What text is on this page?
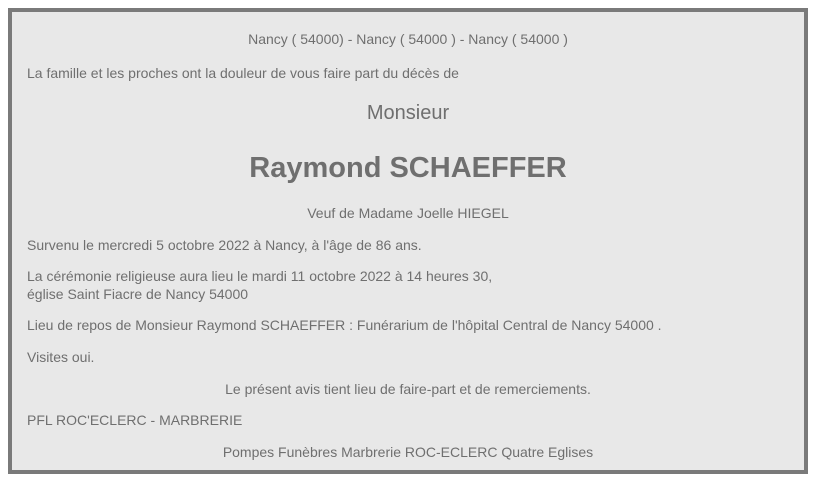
Nancy ( 54000) - Nancy ( 54000 ) - Nancy ( 54000 )
La famille et les proches ont la douleur de vous faire part du décès de
Monsieur
Raymond SCHAEFFER
Veuf de Madame Joelle HIEGEL
Survenu le mercredi 5 octobre 2022 à Nancy, à l'âge de 86 ans.
La cérémonie religieuse aura lieu le mardi 11 octobre 2022 à 14 heures 30,
église Saint Fiacre de Nancy 54000
Lieu de repos de Monsieur Raymond SCHAEFFER : Funérarium de l'hôpital Central de Nancy 54000 .
Visites oui.
Le présent avis tient lieu de faire-part et de remerciements.
PFL ROC'ECLERC - MARBRERIE
Pompes Funèbres Marbrerie ROC-ECLERC Quatre Eglises
